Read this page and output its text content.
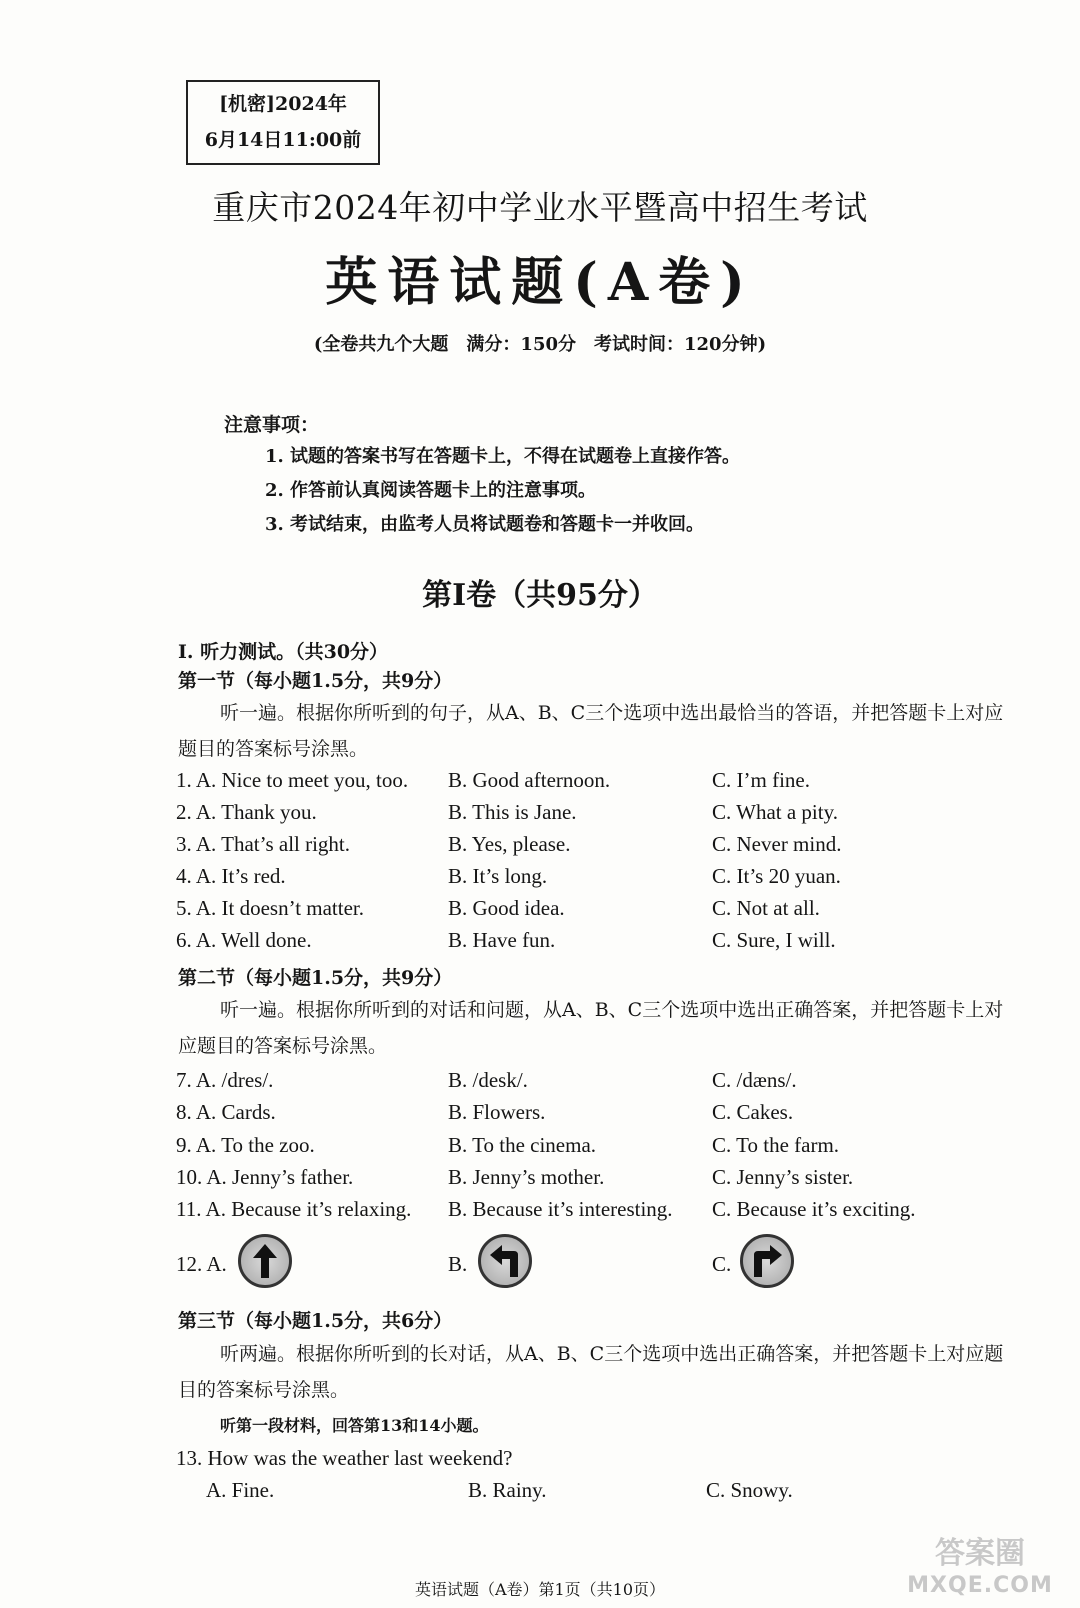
[机密]2024年
6月14日11:00前
重庆市2024年初中学业水平暨高中招生考试
英语试题(A卷)
(全卷共九个大题　满分：150分　考试时间：120分钟)
注意事项：
1. 试题的答案书写在答题卡上，不得在试题卷上直接作答。
2. 作答前认真阅读答题卡上的注意事项。
3. 考试结束，由监考人员将试题卷和答题卡一并收回。
第Ⅰ卷（共95分）
I. 听力测试。（共30分）
第一节（每小题1.5分，共9分）
听一遍。根据你所听到的句子，从A、B、C三个选项中选出最恰当的答语，并把答题卡上对应题目的答案标号涂黑。
1. A. Nice to meet you, too. B. Good afternoon.	C. I’m fine.
2. A. Thank you.	B. This is Jane.	C. What a pity.
3. A. That’s all right.	B. Yes, please.	C. Never mind.
4. A. It’s red.	B. It’s long.	C. It’s 20 yuan.
5. A. It doesn’t matter.	B. Good idea.	C. Not at all.
6. A. Well done.	B. Have fun.	C. Sure, I will.
第二节（每小题1.5分，共9分）
听一遍。根据你所听到的对话和问题，从A、B、C三个选项中选出正确答案，并把答题卡上对应题目的答案标号涂黑。
7. A. /dres/.	B. /desk/.	C. /dæns/.
8. A. Cards.	B. Flowers.	C. Cakes.
9. A. To the zoo.	B. To the cinema.	C. To the farm.
10. A. Jenny’s father.	B. Jenny’s mother.	C. Jenny’s sister.
11. A. Because it’s relaxing. B. Because it’s interesting. C. Because it’s exciting.
12. A.	B.	C.
第三节（每小题1.5分，共6分）
听两遍。根据你所听到的长对话，从A、B、C三个选项中选出正确答案，并把答题卡上对应题目的答案标号涂黑。
听第一段材料，回答第13和14小题。
13. How was the weather last weekend?
A. Fine.	B. Rainy.	C. Snowy.
英语试题（A卷）第1页（共10页）
答案圈
MXQE.COM
